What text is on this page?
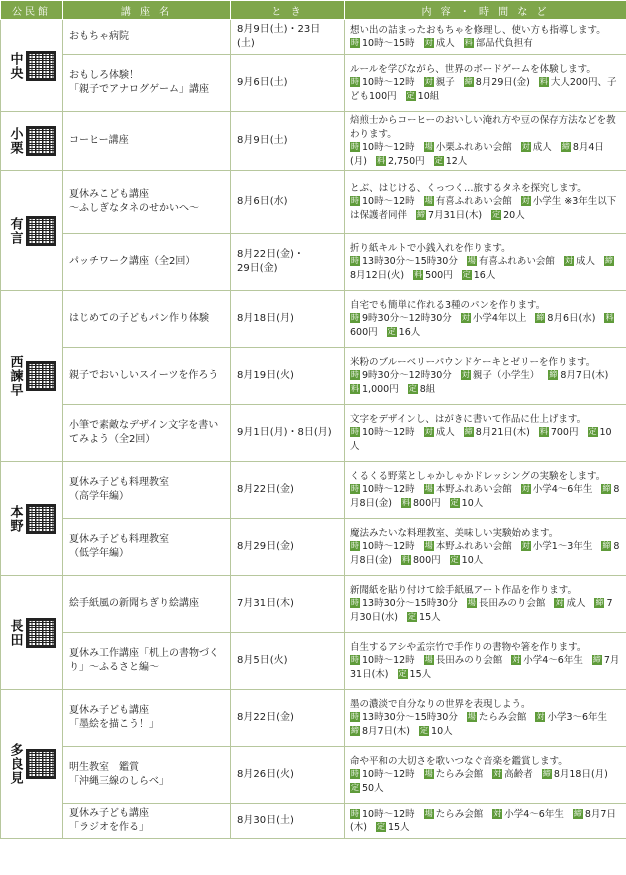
公民館	講 座 名	と き	内 容 ・ 時 間 な ど

中央	おもちゃ病院	8月9日(土)・23日(土)	想い出の詰まったおもちゃを修理し、使い方も指導します。
時 10時～15時 対 成人 料 部品代負担有
	おもしろ体験！
「親子でアナログゲーム」講座	9月6日(土)	ルールを学びながら、世界のボードゲームを体験します。
時 10時～12時 対 親子 締 8月29日(金) 料 大人200円、子ども100円 定 10組

小栗	コーヒー講座	8月9日(土)	焙煎士からコーヒーのおいしい淹れ方や豆の保存方法などを教わります。
時 10時～12時 場 小栗ふれあい会館 対 成人 締 8月4日(月) 料 2,750円 定 12人

有言	夏休みこども講座
～ふしぎなタネのせかいへ～	8月6日(水)	とぶ、はじける、くっつく…旅するタネを探究します。
時 10時～12時 場 有喜ふれあい会館 対 小学生 ※3年生以下は保護者同伴 締 7月31日(木) 定 20人
	パッチワーク講座（全2回）	8月22日(金)・
29日(金)	折り紙キルトで小銭入れを作ります。
時 13時30分～15時30分 場 有喜ふれあい会館 対 成人 締8月12日(火) 料 500円 定 16人

西諫早	はじめての子どもパン作り体験	8月18日(月)	自宅でも簡単に作れる3種のパンを作ります。
時 9時30分～12時30分 対 小学4年以上 締 8月6日(水) 料600円 定 16人
	親子でおいしいスイーツを作ろう	8月19日(火)	米粉のブルーベリーパウンドケーキとゼリーを作ります。
時 9時30分～12時30分 対 親子（小学生） 締 8月7日(木) 料 1,000円 定 8組
	小筆で素敵なデザイン文字を書いてみよう（全2回）	9月1日(月)・8日(月)	文字をデザインし、はがきに書いて作品に仕上げます。
時 10時～12時 対 成人 締 8月21日(木) 料 700円 定 10人

本野	夏休み子ども料理教室
（高学年編）	8月22日(金)	くるくる野菜としゃかしゃかドレッシングの実験をします。
時 10時～12時 場 本野ふれあい会館 対 小学4～6年生 締 8月8日(金) 料 800円 定 10人
	夏休み子ども料理教室
（低学年編）	8月29日(金)	魔法みたいな料理教室、美味しい実験始めます。
時 10時～12時 場 本野ふれあい会館 対 小学1～3年生 締 8月8日(金) 料 800円 定 10人

長田	絵手紙風の新聞ちぎり絵講座	7月31日(木)	新聞紙を貼り付けて絵手紙風アート作品を作ります。
時 13時30分～15時30分 場 長田みのり会館 対 成人 締 7月30日(水) 定 15人
	夏休み工作講座「机上の書物づくり」～ふるさと編～	8月5日(火)	自生するアシや孟宗竹で手作りの書物や箸を作ります。
時 10時～12時 場 長田みのり会館 対 小学4～6年生 締 7月31日(木) 定 15人

多良見	夏休み子ども講座
「墨絵を描こう！」	8月22日(金)	墨の濃淡で自分なりの世界を表現しよう。
時 13時30分～15時30分 場 たらみ会館 対 小学3～6年生 締 8月7日(木) 定 10人
	明生教室　鑑賞
「沖縄三線のしらべ」	8月26日(火)	命や平和の大切さを歌いつなぐ音楽を鑑賞します。
時 10時～12時 場 たらみ会館 対 高齢者 締 8月18日(月) 定 50人
	夏休み子ども講座
「ラジオを作る」	8月30日(土)	時 10時～12時 場 たらみ会館 対 小学4～6年生 締 8月7日(木) 定 15人
